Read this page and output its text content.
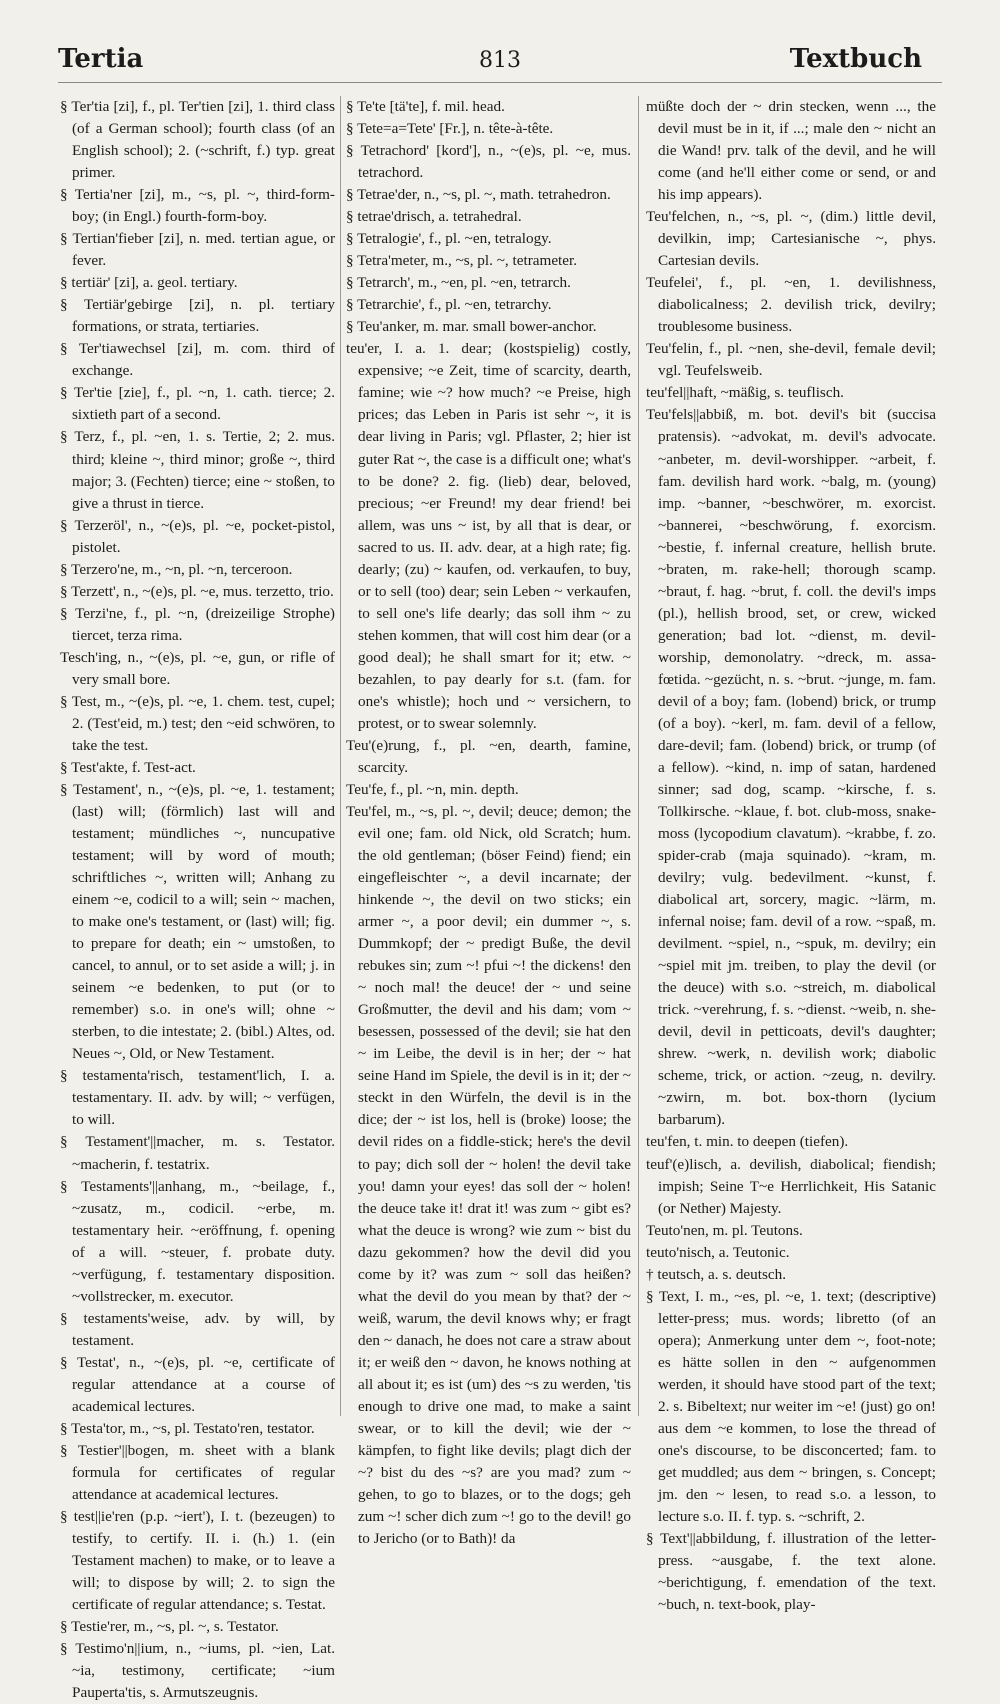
Tertia	813	Textbuch
§ Ter'tia [zi], f., pl. Ter'tien [zi], 1. third class (of a German school); fourth class (of an English school); 2. (~schrift, f.) typ. great primer.
§ Tertia'ner [zi], m., ~s, pl. ~, third-form-boy; (in Engl.) fourth-form-boy.
§ Tertian'fieber [zi], n. med. tertian ague, or fever.
§ tertiär' [zi], a. geol. tertiary.
§ Tertiär'gebirge [zi], n. pl. tertiary formations, or strata, tertiaries.
§ Ter'tiawechsel [zi], m. com. third of exchange.
§ Ter'tie [zie], f., pl. ~n, 1. cath. tierce; 2. sixtieth part of a second.
§ Terz, f., pl. ~en, 1. s. Tertie, 2; 2. mus. third; kleine ~, third minor; große ~, third major; 3. (Fechten) tierce; eine ~ stoßen, to give a thrust in tierce.
§ Terzeröl', n., ~(e)s, pl. ~e, pocket-pistol, pistolet.
§ Terzero'ne, m., ~n, pl. ~n, terceroon.
§ Terzett', n., ~(e)s, pl. ~e, mus. terzetto, trio.
§ Terzi'ne, f., pl. ~n, (dreizeilige Strophe) tiercet, terza rima.
Tesch'ing, n., ~(e)s, pl. ~e, gun, or rifle of very small bore.
§ Test, m., ~(e)s, pl. ~e, 1. chem. test, cupel; 2. (Test'eid, m.) test; den ~eid schwören, to take the test.
§ Test'akte, f. Test-act.
§ Testament', n., ~(e)s, pl. ~e, 1. testament; (last) will; (förmlich) last will and testament; mündliches ~, nuncupative testament; will by word of mouth; schriftliches ~, written will; Anhang zu einem ~e, codicil to a will; sein ~ machen, to make one's testament, or (last) will; fig. to prepare for death; ein ~ umstoßen, to cancel, to annul, or to set aside a will; j. in seinem ~e bedenken, to put (or to remember) s.o. in one's will; ohne ~ sterben, to die intestate; 2. (bibl.) Altes, od. Neues ~, Old, or New Testament.
§ testamenta'risch, testament'lich, I. a. testamentary. II. adv. by will; ~ verfügen, to will.
§ Testament'||macher, m. s. Testator. ~macherin, f. testatrix.
§ Testaments'||anhang, m., ~beilage, f., ~zusatz, m., codicil. ~erbe, m. testamentary heir. ~eröffnung, f. opening of a will. ~steuer, f. probate duty. ~verfügung, f. testamentary disposition. ~vollstrecker, m. executor.
§ testaments'weise, adv. by will, by testament.
§ Testat', n., ~(e)s, pl. ~e, certificate of regular attendance at a course of academical lectures.
§ Testa'tor, m., ~s, pl. Testato'ren, testator.
§ Testier'||bogen, m. sheet with a blank formula for certificates of regular attendance at academical lectures.
§ test||ie'ren (p.p. ~iert'), I. t. (bezeugen) to testify, to certify. II. i. (h.) 1. (ein Testament machen) to make, or to leave a will; to dispose by will; 2. to sign the certificate of regular attendance; s. Testat.
§ Testie'rer, m., ~s, pl. ~, s. Testator.
§ Testimo'n||ium, n., ~iums, pl. ~ien, Lat. ~ia, testimony, certificate; ~ium Pauperta'tis, s. Armutszeugnis.
§ Te'te [tä'te], f. mil. head.
§ Tete=a=Tete' [Fr.], n. tête-à-tête.
§ Tetrachord' [kord'], n., ~(e)s, pl. ~e, mus. tetrachord.
§ Tetrae'der, n., ~s, pl. ~, math. tetrahedron.
§ tetrae'drisch, a. tetrahedral.
§ Tetralogie', f., pl. ~en, tetralogy.
§ Tetra'meter, m., ~s, pl. ~, tetrameter.
§ Tetrarch', m., ~en, pl. ~en, tetrarch.
§ Tetrarchie', f., pl. ~en, tetrarchy.
§ Teu'anker, m. mar. small bower-anchor.
teu'er, I. a. 1. dear; (kostspielig) costly, expensive; ~e Zeit, time of scarcity, dearth, famine; wie ~? how much? ~e Preise, high prices; das Leben in Paris ist sehr ~, it is dear living in Paris; vgl. Pflaster, 2; hier ist guter Rat ~, the case is a difficult one; what's to be done? 2. fig. (lieb) dear, beloved, precious; ~er Freund! my dear friend! bei allem, was uns ~ ist, by all that is dear, or sacred to us. II. adv. dear, at a high rate; fig. dearly; (zu) ~ kaufen, od. verkaufen, to buy, or to sell (too) dear; sein Leben ~ verkaufen, to sell one's life dearly; das soll ihm ~ zu stehen kommen, that will cost him dear (or a good deal); he shall smart for it; etw. ~ bezahlen, to pay dearly for s.t. (fam. for one's whistle); hoch und ~ versichern, to protest, or to swear solemnly.
Teu'(e)rung, f., pl. ~en, dearth, famine, scarcity.
Teu'fe, f., pl. ~n, min. depth.
Teu'fel, m., ~s, pl. ~, devil; deuce; demon; the evil one; fam. old Nick, old Scratch; hum. the old gentleman; (böser Feind) fiend; ein eingefleischter ~, a devil incarnate; der hinkende ~, the devil on two sticks; ein armer ~, a poor devil; ein dummer ~, s. Dummkopf; der ~ predigt Buße, the devil rebukes sin; zum ~! pfui ~! the dickens! den ~ noch mal! the deuce! der ~ und seine Großmutter, the devil and his dam; vom ~ besessen, possessed of the devil; sie hat den ~ im Leibe, the devil is in her; der ~ hat seine Hand im Spiele, the devil is in it; der ~ steckt in den Würfeln, the devil is in the dice; der ~ ist los, hell is (broke) loose; the devil rides on a fiddle-stick; here's the devil to pay; dich soll der ~ holen! the devil take you! damn your eyes! das soll der ~ holen! the deuce take it! drat it! was zum ~ gibt es? what the deuce is wrong? wie zum ~ bist du dazu gekommen? how the devil did you come by it? was zum ~ soll das heißen? what the devil do you mean by that? der ~ weiß, warum, the devil knows why; er fragt den ~ danach, he does not care a straw about it; er weiß den ~ davon, he knows nothing at all about it; es ist (um) des ~s zu werden, 'tis enough to drive one mad, to make a saint swear, or to kill the devil; wie der ~ kämpfen, to fight like devils; plagt dich der ~? bist du des ~s? are you mad? zum ~ gehen, to go to blazes, or to the dogs; geh zum ~! scher dich zum ~! go to the devil! go to Jericho (or to Bath)! da
müßte doch der ~ drin stecken, wenn ..., the devil must be in it, if ...; male den ~ nicht an die Wand! prv. talk of the devil, and he will come (and he'll either come or send, or and his imp appears).
Teu'felchen, n., ~s, pl. ~, (dim.) little devil, devilkin, imp; Cartesianische ~, phys. Cartesian devils.
Teufelei', f., pl. ~en, 1. devilishness, diabolicalness; 2. devilish trick, devilry; troublesome business.
Teu'felin, f., pl. ~nen, she-devil, female devil; vgl. Teufelsweib.
teu'fel||haft, ~mäßig, s. teuflisch.
Teu'fels||abbiß, m. bot. devil's bit (succisa pratensis). ~advokat, m. devil's advocate. ~anbeter, m. devil-worshipper. ~arbeit, f. fam. devilish hard work. ~balg, m. (young) imp. ~banner, ~beschwörer, m. exorcist. ~bannerei, ~beschwörung, f. exorcism. ~bestie, f. infernal creature, hellish brute. ~braten, m. rake-hell; thorough scamp. ~braut, f. hag. ~brut, f. coll. the devil's imps (pl.), hellish brood, set, or crew, wicked generation; bad lot. ~dienst, m. devil-worship, demonolatry. ~dreck, m. assa-fœtida. ~gezücht, n. s. ~brut. ~junge, m. fam. devil of a boy; fam. (lobend) brick, or trump (of a boy). ~kerl, m. fam. devil of a fellow, dare-devil; fam. (lobend) brick, or trump (of a fellow). ~kind, n. imp of satan, hardened sinner; sad dog, scamp. ~kirsche, f. s. Tollkirsche. ~klaue, f. bot. club-moss, snake-moss (lycopodium clavatum). ~krabbe, f. zo. spider-crab (maja squinado). ~kram, m. devilry; vulg. bedevilment. ~kunst, f. diabolical art, sorcery, magic. ~lärm, m. infernal noise; fam. devil of a row. ~spaß, m. devilment. ~spiel, n., ~spuk, m. devilry; ein ~spiel mit jm. treiben, to play the devil (or the deuce) with s.o. ~streich, m. diabolical trick. ~verehrung, f. s. ~dienst. ~weib, n. she-devil, devil in petticoats, devil's daughter; shrew. ~werk, n. devilish work; diabolic scheme, trick, or action. ~zeug, n. devilry. ~zwirn, m. bot. box-thorn (lycium barbarum).
teu'fen, t. min. to deepen (tiefen).
teuf'(e)lisch, a. devilish, diabolical; fiendish; impish; Seine T~e Herrlichkeit, His Satanic (or Nether) Majesty.
Teuto'nen, m. pl. Teutons.
teuto'nisch, a. Teutonic.
† teutsch, a. s. deutsch.
§ Text, I. m., ~es, pl. ~e, 1. text; (descriptive) letter-press; mus. words; libretto (of an opera); Anmerkung unter dem ~, foot-note; es hätte sollen in den ~ aufgenommen werden, it should have stood part of the text; 2. s. Bibeltext; nur weiter im ~e! (just) go on! aus dem ~e kommen, to lose the thread of one's discourse, to be disconcerted; fam. to get muddled; aus dem ~ bringen, s. Concept; jm. den ~ lesen, to read s.o. a lesson, to lecture s.o. II. f. typ. s. ~schrift, 2.
§ Text'||abbildung, f. illustration of the letter-press. ~ausgabe, f. the text alone. ~berichtigung, f. emendation of the text. ~buch, n. text-book, play-
